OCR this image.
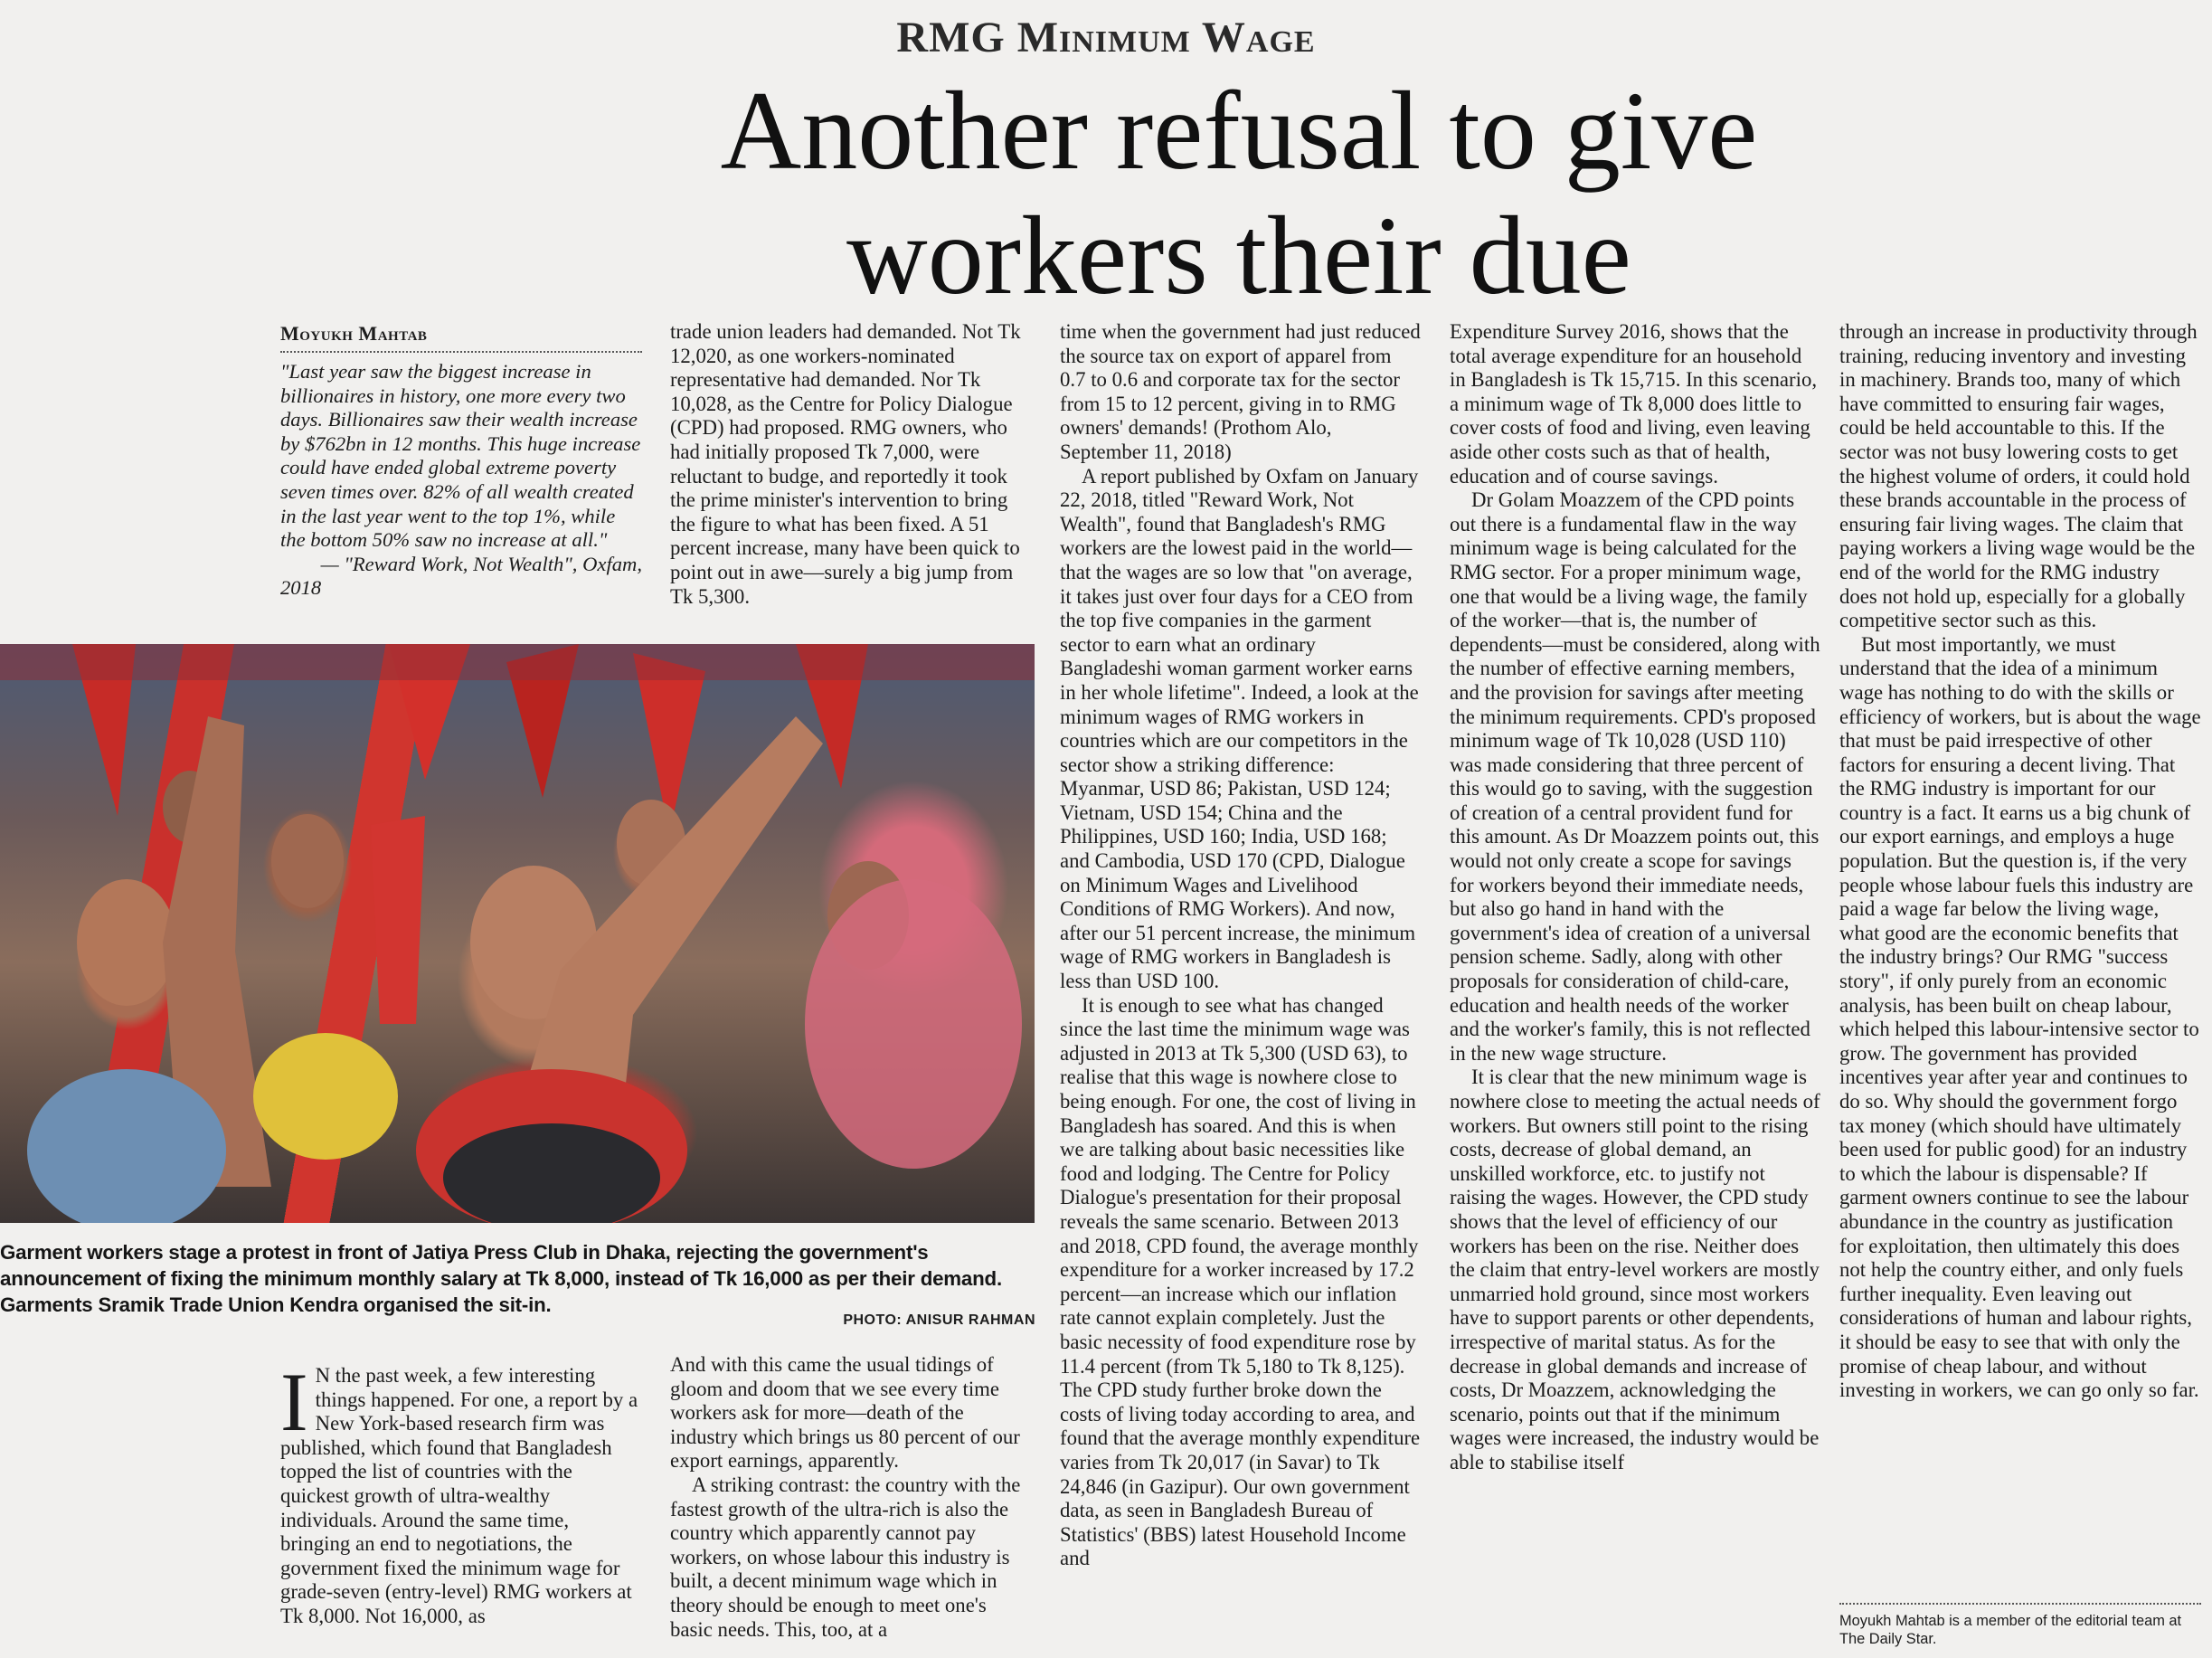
RMG Minimum Wage
Another refusal to give
workers their due
Moyukh Mahtab
"Last year saw the biggest increase in billionaires in history, one more every two days. Billionaires saw their wealth increase by $762bn in 12 months. This huge increase could have ended global extreme poverty seven times over. 82% of all wealth created in the last year went to the top 1%, while the bottom 50% saw no increase at all."
— "Reward Work, Not Wealth", Oxfam,
2018
Garment workers stage a protest in front of Jatiya Press Club in Dhaka, rejecting the government's announcement of fixing the minimum monthly salary at Tk 8,000, instead of Tk 16,000 as per their demand. Garments Sramik Trade Union Kendra organised the sit-in.
PHOTO: ANISUR RAHMAN

trade union leaders had demanded. Not Tk 12,020, as one workers-nominated representative had demanded. Nor Tk 10,028, as the Centre for Policy Dialogue (CPD) had proposed. RMG owners, who had initially proposed Tk 7,000, were reluctant to budge, and reportedly it took the prime minister's intervention to bring the figure to what has been fixed. A 51 percent increase, many have been quick to point out in awe—surely a big jump from Tk 5,300.

I N the past week, a few interesting things happened. For one, a report by a New York-based research firm was published, which found that Bangladesh topped the list of countries with the quickest growth of ultra-wealthy individuals. Around the same time, bringing an end to negotiations, the government fixed the minimum wage for grade-seven (entry-level) RMG workers at Tk 8,000. Not 16,000, as

And with this came the usual tidings of gloom and doom that we see every time workers ask for more—death of the industry which brings us 80 percent of our export earnings, apparently.

A striking contrast: the country with the fastest growth of the ultra-rich is also the country which apparently cannot pay workers, on whose labour this industry is built, a decent minimum wage which in theory should be enough to meet one's basic needs. This, too, at a

time when the government had just reduced the source tax on export of apparel from 0.7 to 0.6 and corporate tax for the sector from 15 to 12 percent, giving in to RMG owners' demands! (Prothom Alo, September 11, 2018)

A report published by Oxfam on January 22, 2018, titled "Reward Work, Not Wealth", found that Bangladesh's RMG workers are the lowest paid in the world—that the wages are so low that "on average, it takes just over four days for a CEO from the top five companies in the garment sector to earn what an ordinary Bangladeshi woman garment worker earns in her whole lifetime". Indeed, a look at the minimum wages of RMG workers in countries which are our competitors in the sector show a striking difference: Myanmar, USD 86; Pakistan, USD 124; Vietnam, USD 154; China and the Philippines, USD 160; India, USD 168; and Cambodia, USD 170 (CPD, Dialogue on Minimum Wages and Livelihood Conditions of RMG Workers). And now, after our 51 percent increase, the minimum wage of RMG workers in Bangladesh is less than USD 100.

It is enough to see what has changed since the last time the minimum wage was adjusted in 2013 at Tk 5,300 (USD 63), to realise that this wage is nowhere close to being enough. For one, the cost of living in Bangladesh has soared. And this is when we are talking about basic necessities like food and lodging. The Centre for Policy Dialogue's presentation for their proposal reveals the same scenario. Between 2013 and 2018, CPD found, the average monthly expenditure for a worker increased by 17.2 percent—an increase which our inflation rate cannot explain completely. Just the basic necessity of food expenditure rose by 11.4 percent (from Tk 5,180 to Tk 8,125). The CPD study further broke down the costs of living today according to area, and found that the average monthly expenditure varies from Tk 20,017 (in Savar) to Tk 24,846 (in Gazipur). Our own government data, as seen in Bangladesh Bureau of Statistics' (BBS) latest Household Income and

Expenditure Survey 2016, shows that the total average expenditure for an household in Bangladesh is Tk 15,715. In this scenario, a minimum wage of Tk 8,000 does little to cover costs of food and living, even leaving aside other costs such as that of health, education and of course savings.

Dr Golam Moazzem of the CPD points out there is a fundamental flaw in the way minimum wage is being calculated for the RMG sector. For a proper minimum wage, one that would be a living wage, the family of the worker—that is, the number of dependents—must be considered, along with the number of effective earning members, and the provision for savings after meeting the minimum requirements. CPD's proposed minimum wage of Tk 10,028 (USD 110) was made considering that three percent of this would go to saving, with the suggestion of creation of a central provident fund for this amount. As Dr Moazzem points out, this would not only create a scope for savings for workers beyond their immediate needs, but also go hand in hand with the government's idea of creation of a universal pension scheme. Sadly, along with other proposals for consideration of child-care, education and health needs of the worker and the worker's family, this is not reflected in the new wage structure.

It is clear that the new minimum wage is nowhere close to meeting the actual needs of workers. But owners still point to the rising costs, decrease of global demand, an unskilled workforce, etc. to justify not raising the wages. However, the CPD study shows that the level of efficiency of our workers has been on the rise. Neither does the claim that entry-level workers are mostly unmarried hold ground, since most workers have to support parents or other dependents, irrespective of marital status. As for the decrease in global demands and increase of costs, Dr Moazzem, acknowledging the scenario, points out that if the minimum wages were increased, the industry would be able to stabilise itself

through an increase in productivity through training, reducing inventory and investing in machinery. Brands too, many of which have committed to ensuring fair wages, could be held accountable to this. If the sector was not busy lowering costs to get the highest volume of orders, it could hold these brands accountable in the process of ensuring fair living wages. The claim that paying workers a living wage would be the end of the world for the RMG industry does not hold up, especially for a globally competitive sector such as this.

But most importantly, we must understand that the idea of a minimum wage has nothing to do with the skills or efficiency of workers, but is about the wage that must be paid irrespective of other factors for ensuring a decent living. That the RMG industry is important for our country is a fact. It earns us a big chunk of our export earnings, and employs a huge population. But the question is, if the very people whose labour fuels this industry are paid a wage far below the living wage, what good are the economic benefits that the industry brings? Our RMG "success story", if only purely from an economic analysis, has been built on cheap labour, which helped this labour-intensive sector to grow. The government has provided incentives year after year and continues to do so. Why should the government forgo tax money (which should have ultimately been used for public good) for an industry to which the labour is dispensable? If garment owners continue to see the labour abundance in the country as justification for exploitation, then ultimately this does not help the country either, and only fuels further inequality. Even leaving out considerations of human and labour rights, it should be easy to see that with only the promise of cheap labour, and without investing in workers, we can go only so far.

Moyukh Mahtab is a member of the editorial team at The Daily Star.
